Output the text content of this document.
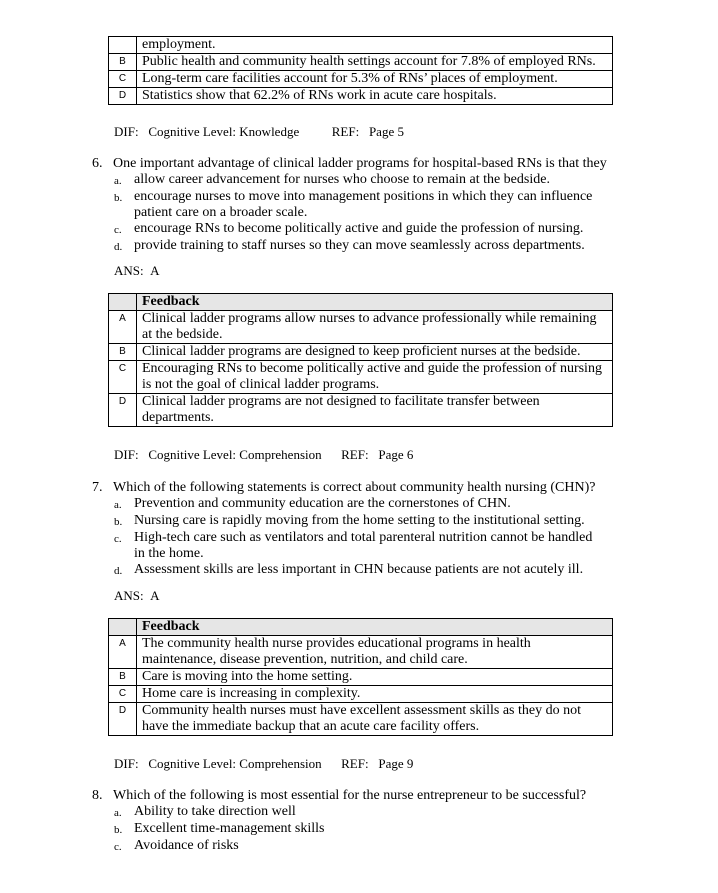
employment.
B	Public health and community health settings account for 7.8% of employed RNs.
C	Long-term care facilities account for 5.3% of RNs’ places of employment.
D	Statistics show that 62.2% of RNs work in acute care hospitals.
DIF: Cognitive Level: Knowledge	REF: Page 5
6. One important advantage of clinical ladder programs for hospital-based RNs is that they
a. allow career advancement for nurses who choose to remain at the bedside.
b. encourage nurses to move into management positions in which they can influence patient care on a broader scale.
c. encourage RNs to become politically active and guide the profession of nursing.
d. provide training to staff nurses so they can move seamlessly across departments.
ANS: A
Feedback
A	Clinical ladder programs allow nurses to advance professionally while remaining at the bedside.
B	Clinical ladder programs are designed to keep proficient nurses at the bedside.
C	Encouraging RNs to become politically active and guide the profession of nursing is not the goal of clinical ladder programs.
D	Clinical ladder programs are not designed to facilitate transfer between departments.
DIF: Cognitive Level: Comprehension REF: Page 6
7. Which of the following statements is correct about community health nursing (CHN)?
a. Prevention and community education are the cornerstones of CHN.
b. Nursing care is rapidly moving from the home setting to the institutional setting.
c. High-tech care such as ventilators and total parenteral nutrition cannot be handled in the home.
d. Assessment skills are less important in CHN because patients are not acutely ill.
ANS: A
Feedback
A	The community health nurse provides educational programs in health maintenance, disease prevention, nutrition, and child care.
B	Care is moving into the home setting.
C	Home care is increasing in complexity.
D	Community health nurses must have excellent assessment skills as they do not have the immediate backup that an acute care facility offers.
DIF: Cognitive Level: Comprehension REF: Page 9
8. Which of the following is most essential for the nurse entrepreneur to be successful?
a. Ability to take direction well
b. Excellent time-management skills
c. Avoidance of risks
